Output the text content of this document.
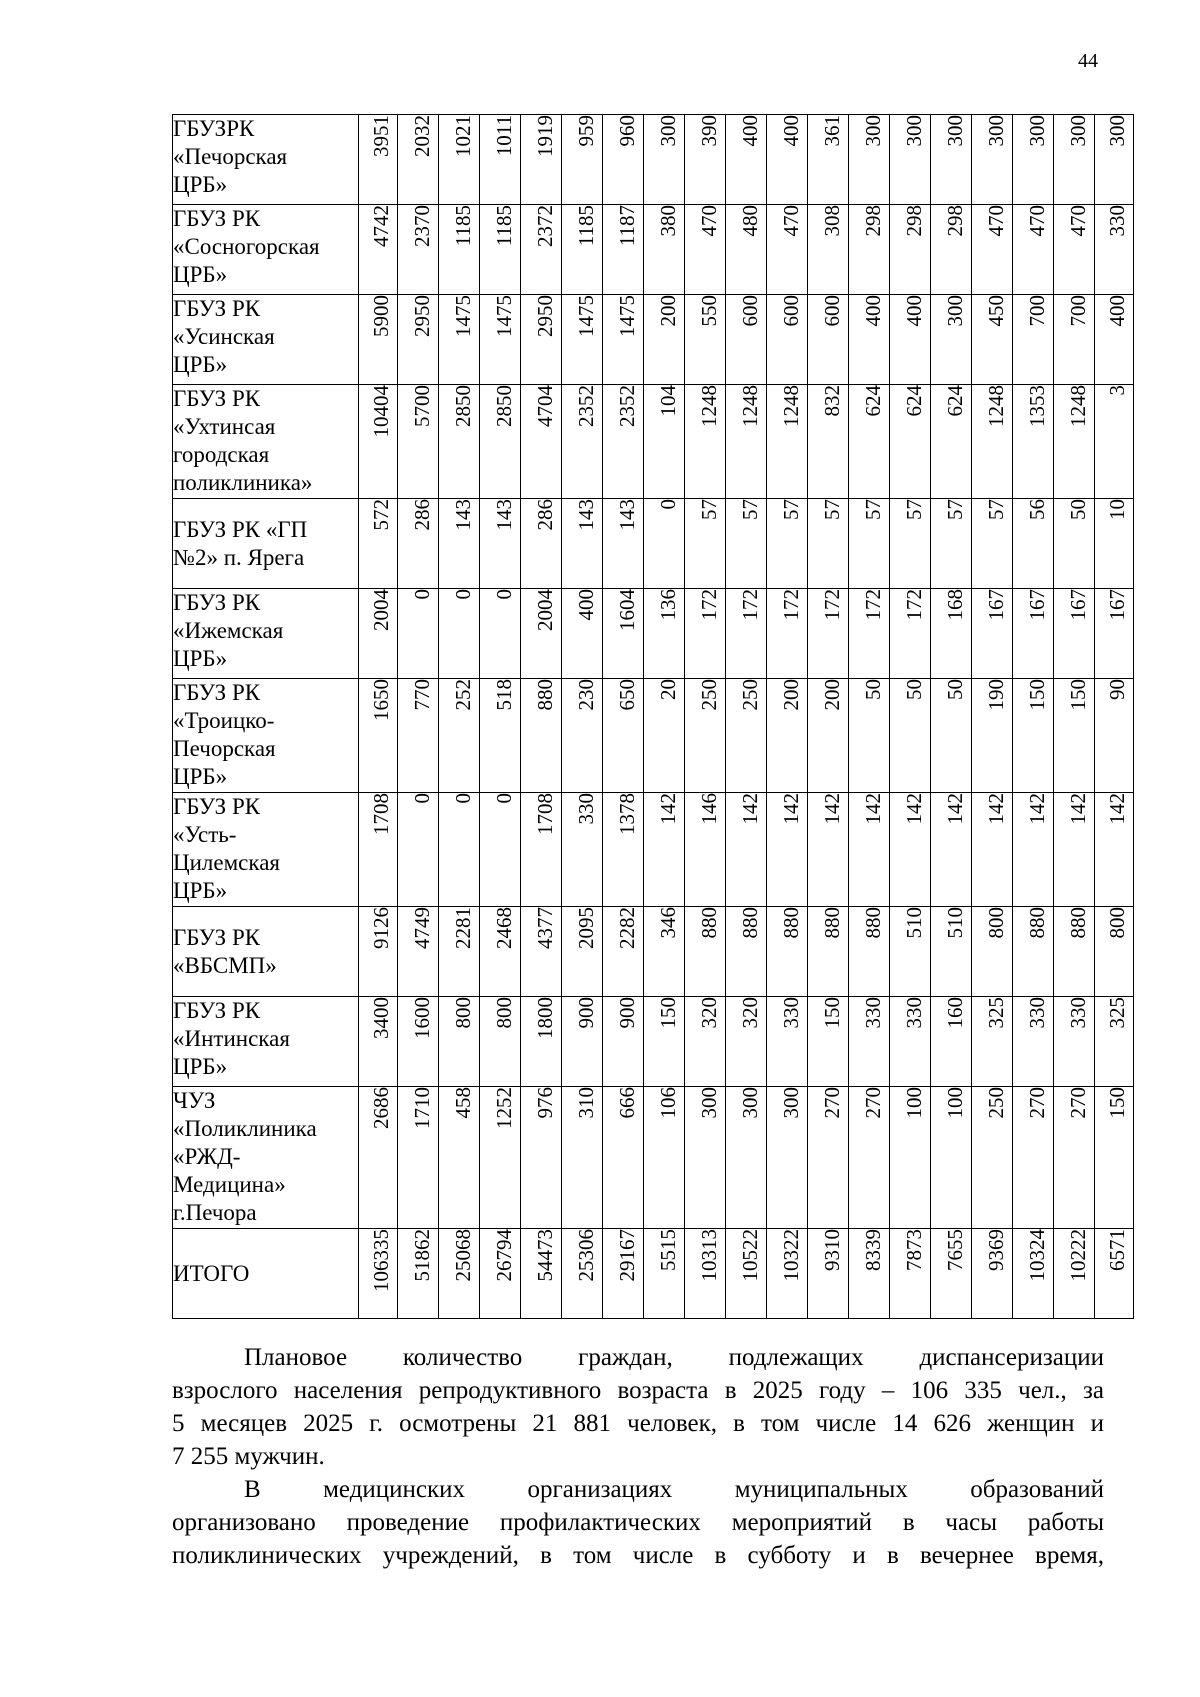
44
ГБУЗРК
«Печорская
ЦРБ»	3951	2032	1021	1011	1919	959	960	300	390	400	400	361	300	300	300	300	300	300	300

ГБУЗ РК
«Сосногорская
ЦРБ»	4742	2370	1185	1185	2372	1185	1187	380	470	480	470	308	298	298	298	470	470	470	330

ГБУЗ РК
«Усинская
ЦРБ»	5900	2950	1475	1475	2950	1475	1475	200	550	600	600	600	400	400	300	450	700	700	400

ГБУЗ РК
«Ухтинсая
городская
поликлиника»	10404	5700	2850	2850	4704	2352	2352	104	1248	1248	1248	832	624	624	624	1248	1353	1248	3

ГБУЗ РК «ГП
№2» п. Ярега	572	286	143	143	286	143	143	0	57	57	57	57	57	57	57	57	56	50	10

ГБУЗ РК
«Ижемская
ЦРБ»	2004	0	0	0	2004	400	1604	136	172	172	172	172	172	172	168	167	167	167	167

ГБУЗ РК
«Троицко-
Печорская
ЦРБ»	1650	770	252	518	880	230	650	20	250	250	200	200	50	50	50	190	150	150	90

ГБУЗ РК
«Усть-
Цилемская
ЦРБ»	1708	0	0	0	1708	330	1378	142	146	142	142	142	142	142	142	142	142	142	142

ГБУЗ РК
«ВБСМП»	9126	4749	2281	2468	4377	2095	2282	346	880	880	880	880	880	510	510	800	880	880	800

ГБУЗ РК
«Интинская
ЦРБ»	3400	1600	800	800	1800	900	900	150	320	320	330	150	330	330	160	325	330	330	325

ЧУЗ
«Поликлиника
«РЖД-
Медицина»
г.Печора	2686	1710	458	1252	976	310	666	106	300	300	300	270	270	100	100	250	270	270	150

ИТОГО	106335	51862	25068	26794	54473	25306	29167	5515	10313	10522	10322	9310	8339	7873	7655	9369	10324	10222	6571

Плановое количество граждан, подлежащих диспансеризации

взрослого населения репродуктивного возраста в 2025 году – 106 335 чел., за

5 месяцев 2025 г. осмотрены 21 881 человек, в том числе 14 626 женщин и

7 255 мужчин.

В медицинских организациях муниципальных образований

организовано проведение профилактических мероприятий в часы работы

поликлинических учреждений, в том числе в субботу и в вечернее время,
